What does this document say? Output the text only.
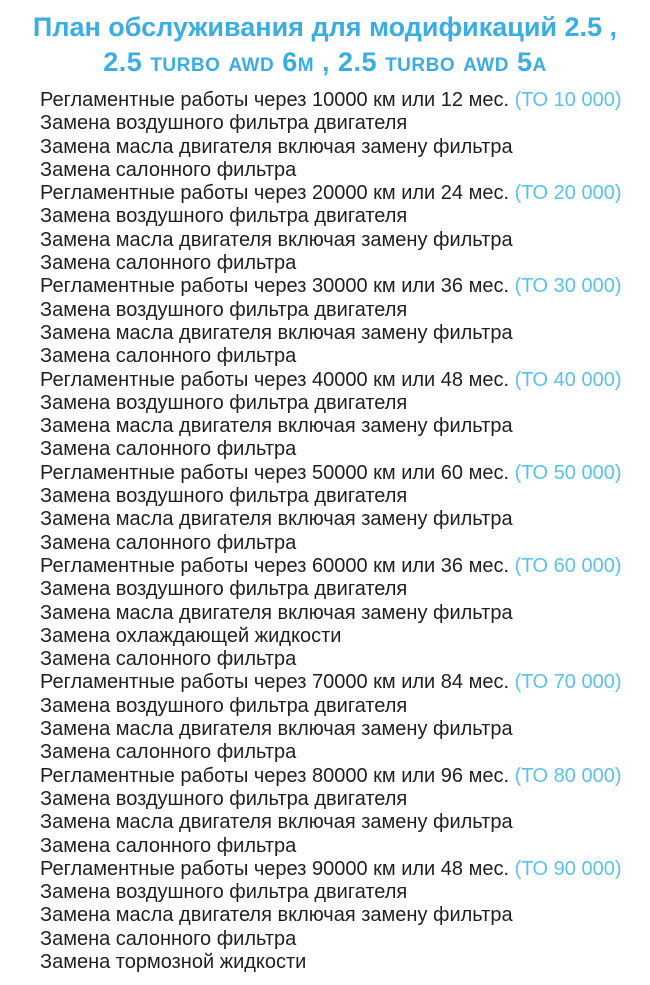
План обслуживания для модификаций 2.5 ,
2.5 turbo awd 6м , 2.5 turbo awd 5а
Регламентные работы через 10000 км или 12 мес. (ТО 10 000)
Замена воздушного фильтра двигателя
Замена масла двигателя включая замену фильтра
Замена салонного фильтра
Регламентные работы через 20000 км или 24 мес. (ТО 20 000)
Замена воздушного фильтра двигателя
Замена масла двигателя включая замену фильтра
Замена салонного фильтра
Регламентные работы через 30000 км или 36 мес. (ТО 30 000)
Замена воздушного фильтра двигателя
Замена масла двигателя включая замену фильтра
Замена салонного фильтра
Регламентные работы через 40000 км или 48 мес. (ТО 40 000)
Замена воздушного фильтра двигателя
Замена масла двигателя включая замену фильтра
Замена салонного фильтра
Регламентные работы через 50000 км или 60 мес. (ТО 50 000)
Замена воздушного фильтра двигателя
Замена масла двигателя включая замену фильтра
Замена салонного фильтра
Регламентные работы через 60000 км или 36 мес. (ТО 60 000)
Замена воздушного фильтра двигателя
Замена масла двигателя включая замену фильтра
Замена охлаждающей жидкости
Замена салонного фильтра
Регламентные работы через 70000 км или 84 мес. (ТО 70 000)
Замена воздушного фильтра двигателя
Замена масла двигателя включая замену фильтра
Замена салонного фильтра
Регламентные работы через 80000 км или 96 мес. (ТО 80 000)
Замена воздушного фильтра двигателя
Замена масла двигателя включая замену фильтра
Замена салонного фильтра
Регламентные работы через 90000 км или 48 мес. (ТО 90 000)
Замена воздушного фильтра двигателя
Замена масла двигателя включая замену фильтра
Замена салонного фильтра
Замена тормозной жидкости
